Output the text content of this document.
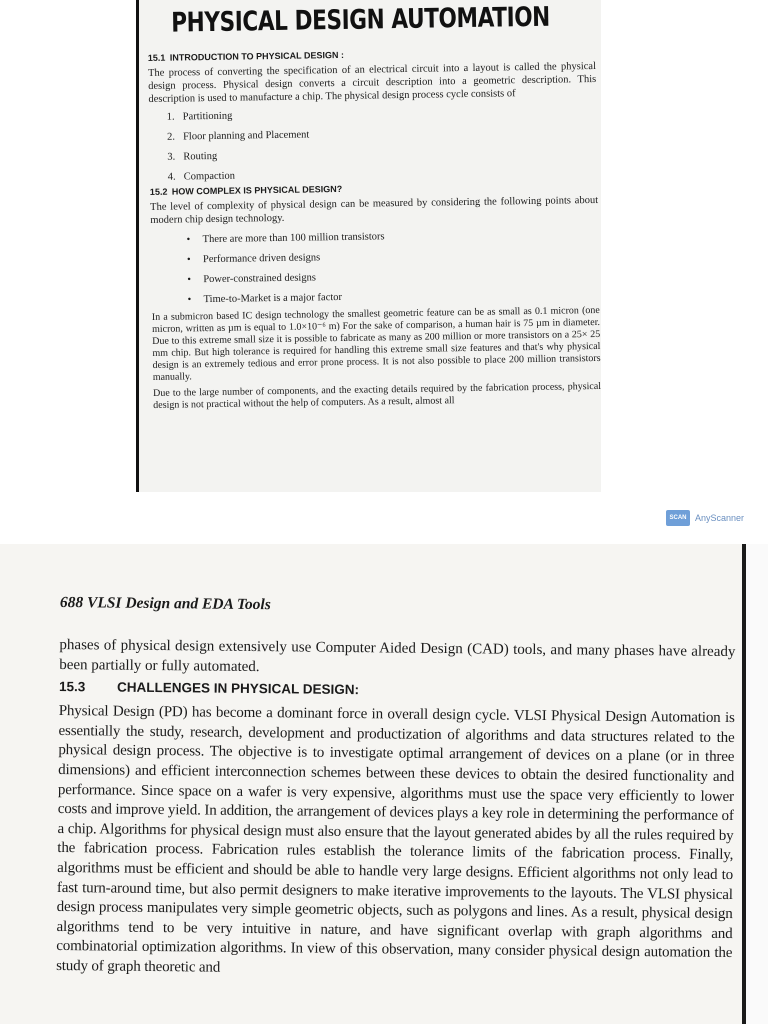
PHYSICAL DESIGN AUTOMATION
15.1 INTRODUCTION TO PHYSICAL DESIGN :

The process of converting the specification of an electrical circuit into a layout is called the physical design process. Physical design converts a circuit description into a geometric description. This description is used to manufacture a chip. The physical design process cycle consists of

1. Partitioning
2. Floor planning and Placement
3. Routing
4. Compaction
15.2 HOW COMPLEX IS PHYSICAL DESIGN?

The level of complexity of physical design can be measured by considering the following points about modern chip design technology.

• There are more than 100 million transistors
• Performance driven designs
• Power-constrained designs
• Time-to-Market is a major factor

In a submicron based IC design technology the smallest geometric feature can be as small as 0.1 micron (one micron, written as µm is equal to 1.0×10⁻⁶ m) For the sake of comparison, a human hair is 75 µm in diameter. Due to this extreme small size it is possible to fabricate as many as 200 million or more transistors on a 25× 25 mm chip. But high tolerance is required for handling this extreme small size features and that's why physical design is an extremely tedious and error prone process. It is not also possible to place 200 million transistors manually.

Due to the large number of components, and the exacting details required by the fabrication process, physical design is not practical without the help of computers. As a result, almost all

SCAN AnyScanner
688 VLSI Design and EDA Tools

phases of physical design extensively use Computer Aided Design (CAD) tools, and many phases have already been partially or fully automated.

15.3 CHALLENGES IN PHYSICAL DESIGN:

Physical Design (PD) has become a dominant force in overall design cycle. VLSI Physical Design Automation is essentially the study, research, development and productization of algorithms and data structures related to the physical design process. The objective is to investigate optimal arrangement of devices on a plane (or in three dimensions) and efficient interconnection schemes between these devices to obtain the desired functionality and performance. Since space on a wafer is very expensive, algorithms must use the space very efficiently to lower costs and improve yield. In addition, the arrangement of devices plays a key role in determining the performance of a chip. Algorithms for physical design must also ensure that the layout generated abides by all the rules required by the fabrication process. Fabrication rules establish the tolerance limits of the fabrication process. Finally, algorithms must be efficient and should be able to handle very large designs. Efficient algorithms not only lead to fast turn-around time, but also permit designers to make iterative improvements to the layouts. The VLSI physical design process manipulates very simple geometric objects, such as polygons and lines. As a result, physical design algorithms tend to be very intuitive in nature, and have significant overlap with graph algorithms and combinatorial optimization algorithms. In view of this observation, many consider physical design automation the study of graph theoretic and
